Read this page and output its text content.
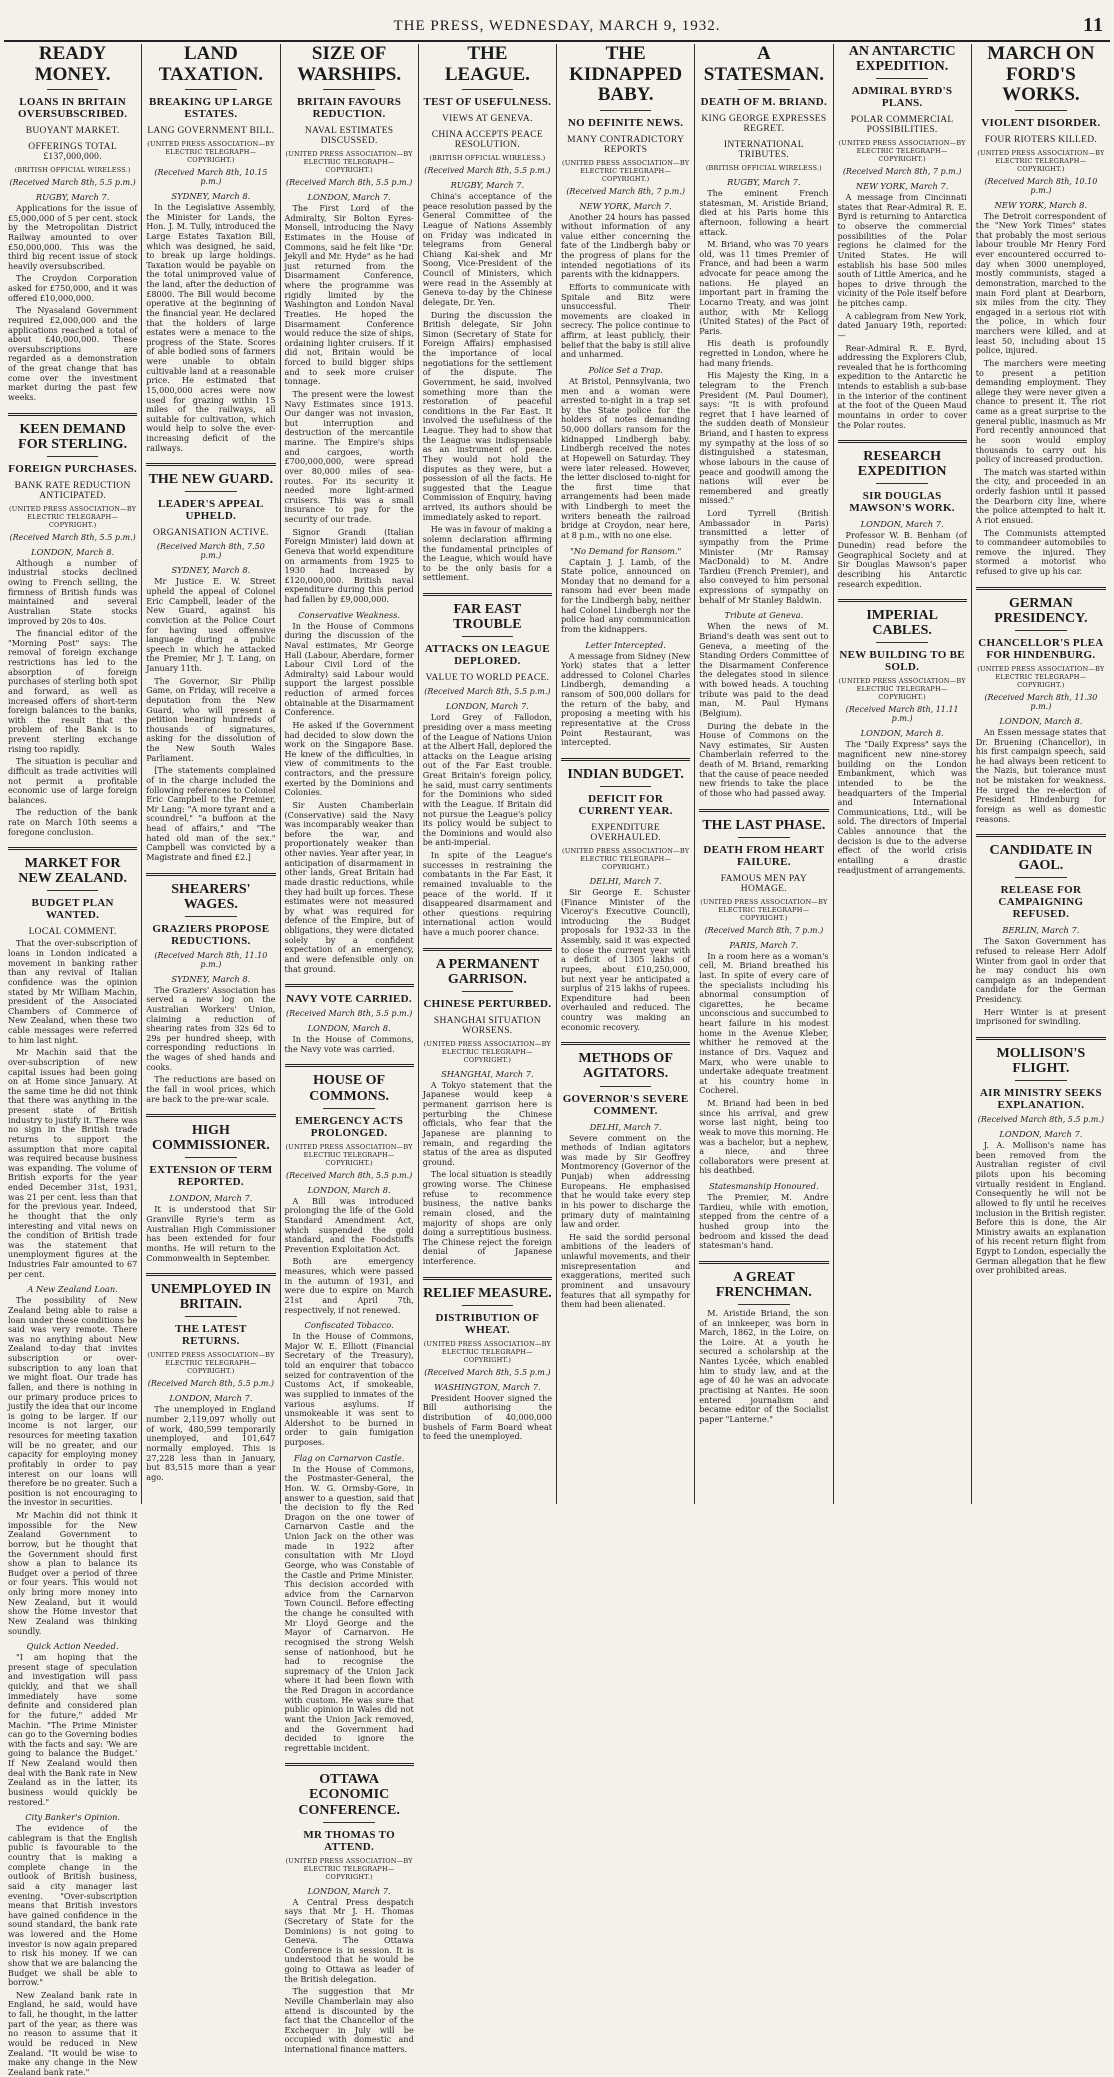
THE PRESS, WEDNESDAY, MARCH 9, 1932.	11
READY MONEY.
LOANS IN BRITAIN OVERSUBSCRIBED.
BUOYANT MARKET.
OFFERINGS TOTAL £137,000,000.
(BRITISH OFFICIAL WIRELESS.)
(Received March 8th, 5.5 p.m.)
RUGBY, March 7.

Applications for the issue of £5,000,000 of 5 per cent. stock by the Metropolitan District Railway amounted to over £50,000,000. This was the third big recent issue of stock heavily oversubscribed.

The Croydon Corporation asked for £750,000, and it was offered £10,000,000.

The Nyasaland Government required £2,000,000 and the applications reached a total of about £40,000,000. These oversubscriptions are regarded as a demonstration of the great change that has come over the investment market during the past few weeks.

KEEN DEMAND FOR STERLING.
FOREIGN PURCHASES.
BANK RATE REDUCTION ANTICIPATED.
(UNITED PRESS ASSOCIATION—BY ELECTRIC TELEGRAPH—COPYRIGHT.)
(Received March 8th, 5.5 p.m.)
LONDON, March 8.

Although a number of industrial stocks declined owing to French selling, the firmness of British funds was maintained and several Australian State stocks improved by 20s to 40s.

The financial editor of the "Morning Post" says: The removal of foreign exchange restrictions has led to the absorption of foreign purchases of sterling both spot and forward, as well as increased offers of short-term foreign balances to the banks, with the result that the problem of the Bank is to prevent sterling exchange rising too rapidly.

The situation is peculiar and difficult as trade activities will not permit a profitable economic use of large foreign balances.

The reduction of the bank rate on March 10th seems a foregone conclusion.

MARKET FOR NEW ZEALAND.
BUDGET PLAN WANTED.
LOCAL COMMENT.

That the over-subscription of loans in London indicated a movement in banking rather than any revival of Italian confidence was the opinion stated by Mr William Machin, president of the Associated Chambers of Commerce of New Zealand, when these two cable messages were referred to him last night.

Mr Machin said that the over-subscription of new capital issues had been going on at Home since January. At the same time he did not think that there was anything in the present state of British industry to justify it. There was no sign in the British trade returns to support the assumption that more capital was required because business was expanding. The volume of British exports for the year ended December 31st, 1931, was 21 per cent. less than that for the previous year. Indeed, he thought that the only interesting and vital news on the condition of British trade was the statement that unemployment figures at the Industries Fair amounted to 67 per cent.

A New Zealand Loan.

The possibility of New Zealand being able to raise a loan under these conditions he said was very remote. There was no anything about New Zealand to-day that invites subscription or over-subscription to any loan that we might float. Our trade has fallen, and there is nothing in our primary produce prices to justify the idea that our income is going to be larger. If our income is not larger, our resources for meeting taxation will be no greater, and our capacity for employing money profitably in order to pay interest on our loans will therefore be no greater. Such a position is not encouraging to the investor in securities.

Mr Machin did not think it impossible for the New Zealand Government to borrow, but he thought that the Government should first show a plan to balance its Budget over a period of three or four years. This would not only bring more money into New Zealand, but it would show the Home investor that New Zealand was thinking soundly.

Quick Action Needed.

"I am hoping that the present stage of speculation and investigation will pass quickly, and that we shall immediately have some definite and considered plan for the future," added Mr Machin. "The Prime Minister can go to the Governing bodies with the facts and say: 'We are going to balance the Budget.' If New Zealand would then deal with the Bank rate in New Zealand as in the latter, its business would quickly be restored."

City Banker's Opinion.

The evidence of the cablegram is that the English public is favourable to the country that is making a complete change in the outlook of British business, said a city manager last evening. "Over-subscription means that British investors have gained confidence in the sound standard, the bank rate was lowered and the Home investor is now again prepared to risk his money. If we can show that we are balancing the Budget we shall be able to borrow."

New Zealand bank rate in England, he said, would have to fall, he thought, in the latter part of the year, as there was no reason to assume that it would be reduced in New Zealand. "It would be wise to make any change in the New Zealand bank rate."

LAND TAXATION.
BREAKING UP LARGE ESTATES.
LANG GOVERNMENT BILL.
(UNITED PRESS ASSOCIATION—BY ELECTRIC TELEGRAPH—COPYRIGHT.)
(Received March 8th, 10.15 p.m.)
SYDNEY, March 8.

In the Legislative Assembly, the Minister for Lands, the Hon. J. M. Tully, introduced the Large Estates Taxation Bill, which was designed, he said, to break up large holdings. Taxation would be payable on the total unimproved value of the land, after the deduction of £8000. The Bill would become operative at the beginning of the financial year. He declared that the holders of large estates were a menace to the progress of the State. Scores of able bodied sons of farmers were unable to obtain cultivable land at a reasonable price. He estimated that 15,000,000 acres were now used for grazing within 15 miles of the railways, all suitable for cultivation, which would help to solve the ever-increasing deficit of the railways.

THE NEW GUARD.
LEADER'S APPEAL UPHELD.
ORGANISATION ACTIVE.
(Received March 8th, 7.50 p.m.)
SYDNEY, March 8.

Mr Justice E. W. Street upheld the appeal of Colonel Eric Campbell, leader of the New Guard, against his conviction at the Police Court for having used offensive language during a public speech in which he attacked the Premier, Mr J. T. Lang, on January 11th.

The Governor, Sir Philip Game, on Friday, will receive a deputation from the New Guard, who will present a petition bearing hundreds of thousands of signatures, asking for the dissolution of the New South Wales Parliament.

[The statements complained of in the charge included the following references to Colonel Eric Campbell to the Premier, Mr Lang: "A more tyrant and a scoundrel," "a buffoon at the head of affairs," and "The hated old man of the sex." Campbell was convicted by a Magistrate and fined £2.]

SHEARERS' WAGES.
GRAZIERS PROPOSE REDUCTIONS.
(Received March 8th, 11.10 p.m.)
SYDNEY, March 8.

The Graziers' Association has served a new log on the Australian Workers' Union, claiming a reduction of shearing rates from 32s 6d to 29s per hundred sheep, with corresponding reductions in the wages of shed hands and cooks.

The reductions are based on the fall in wool prices, which are back to the pre-war scale.

HIGH COMMISSIONER.
EXTENSION OF TERM REPORTED.
LONDON, March 7.

It is understood that Sir Granville Ryrie's term as Australian High Commissioner has been extended for four months. He will return to the Commonwealth in September.

UNEMPLOYED IN BRITAIN.
THE LATEST RETURNS.
(UNITED PRESS ASSOCIATION—BY ELECTRIC TELEGRAPH—COPYRIGHT.)
(Received March 8th, 5.5 p.m.)
LONDON, March 7.

The unemployed in England number 2,119,097 wholly out of work, 480,599 temporarily unemployed, and 101,647 normally employed. This is 27,228 less than in January, but 83,515 more than a year ago.

SIZE OF WARSHIPS.
BRITAIN FAVOURS REDUCTION.
NAVAL ESTIMATES DISCUSSED.
(UNITED PRESS ASSOCIATION—BY ELECTRIC TELEGRAPH—COPYRIGHT.)
(Received March 8th, 5.5 p.m.)
LONDON, March 7.

The First Lord of the Admiralty, Sir Bolton Eyres-Monsell, introducing the Navy Estimates in the House of Commons, said he felt like "Dr. Jekyll and Mr. Hyde" as he had just returned from the Disarmament Conference, where the programme was rigidly limited by the Washington and London Naval Treaties. He hoped the Disarmament Conference would reduce the size of ships, ordaining lighter cruisers. If it did not, Britain would be forced to build bigger ships and to seek more cruiser tonnage.

The present were the lowest Navy Estimates since 1913. Our danger was not invasion, but interruption and destruction of the mercantile marine. The Empire's ships and cargoes, worth £700,000,000, were spread over 80,000 miles of sea-routes. For its security it needed more light-armed cruisers. This was a small insurance to pay for the security of our trade.

Signor Grandi (Italian Foreign Minister) laid down at Geneva that world expenditure on armaments from 1925 to 1930 had increased by £120,000,000. British naval expenditure during this period had fallen by £9,000,000.

Conservative Weakness.

In the House of Commons during the discussion of the Naval estimates, Mr George Hall (Labour, Aberdare, former Labour Civil Lord of the Admiralty) said Labour would support the largest possible reduction of armed forces obtainable at the Disarmament Conference.

He asked if the Government had decided to slow down the work on the Singapore Base. He knew of the difficulties, in view of commitments to the contractors, and the pressure exerted by the Dominions and Colonies.

Sir Austen Chamberlain (Conservative) said the Navy was incomparably weaker than before the war, and proportionately weaker than other navies. Year after year, in anticipation of disarmament in other lands, Great Britain had made drastic reductions, while they had built up forces. These estimates were not measured by what was required for defence of the Empire, but of obligations, they were dictated solely by a confident expectation of an emergency, and were defensible only on that ground.

NAVY VOTE CARRIED.
(Received March 8th, 5.5 p.m.)
LONDON, March 8.

In the House of Commons, the Navy vote was carried.

HOUSE OF COMMONS.
EMERGENCY ACTS PROLONGED.
(UNITED PRESS ASSOCIATION—BY ELECTRIC TELEGRAPH—COPYRIGHT.)
(Received March 8th, 5.5 p.m.)
LONDON, March 8.

A Bill was introduced prolonging the life of the Gold Standard Amendment Act, which suspended the gold standard, and the Foodstuffs Prevention Exploitation Act.

Both are emergency measures, which were passed in the autumn of 1931, and were due to expire on March 21st and April 7th, respectively, if not renewed.

Confiscated Tobacco.

In the House of Commons, Major W. E. Elliott (Financial Secretary of the Treasury), told an enquirer that tobacco seized for contravention of the Customs Act, if smokeable, was supplied to inmates of the various asylums. If unsmokeable it was sent to Aldershot to be burned in order to gain fumigation purposes.

Flag on Carnarvon Castle.

In the House of Commons, the Postmaster-General, the Hon. W. G. Ormsby-Gore, in answer to a question, said that the decision to fly the Red Dragon on the one tower of Carnarvon Castle and the Union Jack on the other was made in 1922 after consultation with Mr Lloyd George, who was Constable of the Castle and Prime Minister. This decision accorded with advice from the Carnarvon Town Council. Before effecting the change he consulted with Mr Lloyd George and the Mayor of Carnarvon. He recognised the strong Welsh sense of nationhood, but he had to recognise the supremacy of the Union Jack where it had been flown with the Red Dragon in accordance with custom. He was sure that public opinion in Wales did not want the Union Jack removed, and the Government had decided to ignore the regrettable incident.

OTTAWA ECONOMIC CONFERENCE.
MR THOMAS TO ATTEND.
(UNITED PRESS ASSOCIATION—BY ELECTRIC TELEGRAPH—COPYRIGHT.)
LONDON, March 7.

A Central Press despatch says that Mr J. H. Thomas (Secretary of State for the Dominions) is not going to Geneva. The Ottawa Conference is in session. It is understood that he would be going to Ottawa as leader of the British delegation.

The suggestion that Mr Neville Chamberlain may also attend is discounted by the fact that the Chancellor of the Exchequer in July will be occupied with domestic and international finance matters.

THE LEAGUE.
TEST OF USEFULNESS.
VIEWS AT GENEVA.
CHINA ACCEPTS PEACE RESOLUTION.
(BRITISH OFFICIAL WIRELESS.)
(Received March 8th, 5.5 p.m.)
RUGBY, March 7.

China's acceptance of the peace resolution passed by the General Committee of the League of Nations Assembly on Friday was indicated in telegrams from General Chiang Kai-shek and Mr Soong, Vice-President of the Council of Ministers, which were read in the Assembly at Geneva to-day by the Chinese delegate, Dr. Yen.

During the discussion the British delegate, Sir John Simon (Secretary of State for Foreign Affairs) emphasised the importance of local negotiations for the settlement of the dispute. The Government, he said, involved something more than the restoration of peaceful conditions in the Far East. It involved the usefulness of the League. They had to show that the League was indispensable as an instrument of peace. They would not hold the disputes as they were, but a possession of all the facts. He suggested that the League Commission of Enquiry, having arrived, its authors should be immediately asked to report.

He was in favour of making a solemn declaration affirming the fundamental principles of the League, which would have to be the only basis for a settlement.

FAR EAST TROUBLE
ATTACKS ON LEAGUE DEPLORED.
VALUE TO WORLD PEACE.
(Received March 8th, 5.5 p.m.)
LONDON, March 7.

Lord Grey of Fallodon, presiding over a mass meeting of the League of Nations Union at the Albert Hall, deplored the attacks on the League arising out of the Far East trouble. Great Britain's foreign policy, he said, must carry sentiments for the Dominions who sided with the League. If Britain did not pursue the League's policy its policy would be subject to the Dominions and would also be anti-imperial.

In spite of the League's successes in restraining the combatants in the Far East, it remained invaluable to the peace of the world. If it disappeared disarmament and other questions requiring international action would have a much poorer chance.

A PERMANENT GARRISON.
CHINESE PERTURBED.
SHANGHAI SITUATION WORSENS.
(UNITED PRESS ASSOCIATION—BY ELECTRIC TELEGRAPH—COPYRIGHT.)
SHANGHAI, March 7.

A Tokyo statement that the Japanese would keep a permanent garrison here is perturbing the Chinese officials, who fear that the Japanese are planning to remain, and regarding the status of the area as disputed ground.

The local situation is steadily growing worse. The Chinese refuse to recommence business, the native banks remain closed, and the majority of shops are only doing a surreptitious business. The Chinese reject the foreign denial of Japanese interference.

RELIEF MEASURE.
DISTRIBUTION OF WHEAT.
(UNITED PRESS ASSOCIATION—BY ELECTRIC TELEGRAPH—COPYRIGHT.)
(Received March 8th, 5.5 p.m.)
WASHINGTON, March 7.

President Hoover signed the Bill authorising the distribution of 40,000,000 bushels of Farm Board wheat to feed the unemployed.

THE KIDNAPPED BABY.
NO DEFINITE NEWS.
MANY CONTRADICTORY REPORTS
(UNITED PRESS ASSOCIATION—BY ELECTRIC TELEGRAPH—COPYRIGHT.)
(Received March 8th, 7 p.m.)
NEW YORK, March 7.

Another 24 hours has passed without information of any value either concerning the fate of the Lindbergh baby or the progress of plans for the intended negotiations of its parents with the kidnappers.

Efforts to communicate with Spitale and Bitz were unsuccessful. Their movements are cloaked in secrecy. The police continue to affirm, at least publicly, their belief that the baby is still alive and unharmed.

Police Set a Trap.

At Bristol, Pennsylvania, two men and a woman were arrested to-night in a trap set by the State police for the holders of notes demanding 50,000 dollars ransom for the kidnapped Lindbergh baby. Lindbergh received the notes at Hopewell on Saturday. They were later released. However, the letter disclosed to-night for the first time that arrangements had been made with Lindbergh to meet the writers beneath the railroad bridge at Croydon, near here, at 8 p.m., with no one else.

"No Demand for Ransom."

Captain J. J. Lamb, of the State police, announced on Monday that no demand for a ransom had ever been made for the Lindbergh baby, neither had Colonel Lindbergh nor the police had any communication from the kidnappers.

Letter Intercepted.

A message from Sidney (New York) states that a letter addressed to Colonel Charles Lindbergh, demanding a ransom of 500,000 dollars for the return of the baby, and proposing a meeting with his representative at the Cross Point Restaurant, was intercepted.

INDIAN BUDGET.
DEFICIT FOR CURRENT YEAR.
EXPENDITURE OVERHAULED.
(UNITED PRESS ASSOCIATION—BY ELECTRIC TELEGRAPH—COPYRIGHT.)
DELHI, March 7.

Sir George E. Schuster (Finance Minister of the Viceroy's Executive Council), introducing the Budget proposals for 1932-33 in the Assembly, said it was expected to close the current year with a deficit of 1305 lakhs of rupees, about £10,250,000, but next year he anticipated a surplus of 215 lakhs of rupees. Expenditure had been overhauled and reduced. The country was making an economic recovery.

METHODS OF AGITATORS.
GOVERNOR'S SEVERE COMMENT.
DELHI, March 7.

Severe comment on the methods of Indian agitators was made by Sir Geoffrey Montmorency (Governor of the Punjab) when addressing Europeans. He emphasised that he would take every step in his power to discharge the primary duty of maintaining law and order.

He said the sordid personal ambitions of the leaders of unlawful movements, and their misrepresentation and exaggerations, merited such prominent and unsavoury features that all sympathy for them had been alienated.

A STATESMAN.
DEATH OF M. BRIAND.
KING GEORGE EXPRESSES REGRET.
INTERNATIONAL TRIBUTES.
(BRITISH OFFICIAL WIRELESS.)
RUGBY, March 7.

The eminent French statesman, M. Aristide Briand, died at his Paris home this afternoon, following a heart attack.

M. Briand, who was 70 years old, was 11 times Premier of France, and had been a warm advocate for peace among the nations. He played an important part in framing the Locarno Treaty, and was joint author, with Mr Kellogg (United States) of the Pact of Paris.

His death is profoundly regretted in London, where he had many friends.

His Majesty the King, in a telegram to the French President (M. Paul Doumer), says: "It is with profound regret that I have learned of the sudden death of Monsieur Briand, and I hasten to express my sympathy at the loss of so distinguished a statesman, whose labours in the cause of peace and goodwill among the nations will ever be remembered and greatly missed."

Lord Tyrrell (British Ambassador in Paris) transmitted a letter of sympathy from the Prime Minister (Mr Ramsay MacDonald) to M. Andre Tardieu (French Premier), and also conveyed to him personal expressions of sympathy on behalf of Mr Stanley Baldwin.

Tribute at Geneva.

When the news of M. Briand's death was sent out to Geneva, a meeting of the Standing Orders Committee of the Disarmament Conference the delegates stood in silence with bowed heads. A touching tribute was paid to the dead man, M. Paul Hymans (Belgium).

During the debate in the House of Commons on the Navy estimates, Sir Austen Chamberlain referred to the death of M. Briand, remarking that the cause of peace needed new friends to take the place of those who had passed away.

THE LAST PHASE.
DEATH FROM HEART FAILURE.
FAMOUS MEN PAY HOMAGE.
(UNITED PRESS ASSOCIATION—BY ELECTRIC TELEGRAPH—COPYRIGHT.)
(Received March 8th, 7 p.m.)
PARIS, March 7.

In a room here as a woman's cell, M. Briand breathed his last. In spite of every care of the specialists including his abnormal consumption of cigarettes, he became unconscious and succumbed to heart failure in his modest home in the Avenue Kleber, whither he removed at the instance of Drs. Vaquez and Marx, who were unable to undertake adequate treatment at his country home in Cocherel.

M. Briand had been in bed since his arrival, and grew worse last night, being too weak to move this morning. He was a bachelor, but a nephew, a niece, and three collaborators were present at his deathbed.

Statesmanship Honoured.

The Premier, M. Andre Tardieu, while with emotion, stepped from the centre of a hushed group into the bedroom and kissed the dead statesman's hand.

A GREAT FRENCHMAN.

M. Aristide Briand, the son of an innkeeper, was born in March, 1862, in the Loire, on the Loire. At a youth he secured a scholarship at the Nantes Lycée, which enabled him to study law, and at the age of 40 he was an advocate practising at Nantes. He soon entered journalism and became editor of the Socialist paper "Lanterne."

AN ANTARCTIC EXPEDITION.
ADMIRAL BYRD'S PLANS.
POLAR COMMERCIAL POSSIBILITIES.
(UNITED PRESS ASSOCIATION—BY ELECTRIC TELEGRAPH—COPYRIGHT.)
(Received March 8th, 7 p.m.)
NEW YORK, March 7.

A message from Cincinnati states that Rear-Admiral R. E. Byrd is returning to Antarctica to observe the commercial possibilities of the Polar regions he claimed for the United States. He will establish his base 500 miles south of Little America, and he hopes to drive through the vicinity of the Pole itself before he pitches camp.

A cablegram from New York, dated January 19th, reported:—

Rear-Admiral R. E. Byrd, addressing the Explorers Club, revealed that he is forthcoming expedition to the Antarctic he intends to establish a sub-base in the interior of the continent at the foot of the Queen Maud mountains in order to cover the Polar routes.

RESEARCH EXPEDITION
SIR DOUGLAS MAWSON'S WORK.
LONDON, March 7.

Professor W. B. Benham (of Dunedin) read before the Geographical Society and at Sir Douglas Mawson's paper describing his Antarctic research expedition.

IMPERIAL CABLES.
NEW BUILDING TO BE SOLD.
(UNITED PRESS ASSOCIATION—BY ELECTRIC TELEGRAPH—COPYRIGHT.)
(Received March 8th, 11.11 p.m.)
LONDON, March 8.

The "Daily Express" says the magnificent new nine-storey building on the London Embankment, which was intended to be the headquarters of the Imperial and International Communications, Ltd., will be sold. The directors of Imperial Cables announce that the decision is due to the adverse effect of the world crisis entailing a drastic readjustment of arrangements.

MARCH ON FORD'S WORKS.
VIOLENT DISORDER.
FOUR RIOTERS KILLED.
(UNITED PRESS ASSOCIATION—BY ELECTRIC TELEGRAPH—COPYRIGHT.)
(Received March 8th, 10.10 p.m.)
NEW YORK, March 8.

The Detroit correspondent of the "New York Times" states that probably the most serious labour trouble Mr Henry Ford ever encountered occurred to-day when 3000 unemployed, mostly communists, staged a demonstration, marched to the main Ford plant at Dearborn, six miles from the city. They engaged in a serious riot with the police, in which four marchers were killed, and at least 50, including about 15 police, injured.

The marchers were meeting to present a petition demanding employment. They allege they were never given a chance to present it. The riot came as a great surprise to the general public, inasmuch as Mr Ford recently announced that he soon would employ thousands to carry out his policy of increased production.

The match was started within the city, and proceeded in an orderly fashion until it passed the Dearborn city line, where the police attempted to halt it. A riot ensued.

The Communists attempted to commandeer automobiles to remove the injured. They stormed a motorist who refused to give up his car.

GERMAN PRESIDENCY.
CHANCELLOR'S PLEA FOR HINDENBURG.
(UNITED PRESS ASSOCIATION—BY ELECTRIC TELEGRAPH—COPYRIGHT.)
(Received March 8th, 11.30 p.m.)
LONDON, March 8.

An Essen message states that Dr. Bruening (Chancellor), in his first campaign speech, said he had always been reticent to the Nazis, but tolerance must not be mistaken for weakness. He urged the re-election of President Hindenburg for foreign as well as domestic reasons.

CANDIDATE IN GAOL.
RELEASE FOR CAMPAIGNING REFUSED.
BERLIN, March 7.

The Saxon Government has refused to release Herr Adolf Winter from gaol in order that he may conduct his own campaign as an independent candidate for the German Presidency.

Herr Winter is at present imprisoned for swindling.

MOLLISON'S FLIGHT.
AIR MINISTRY SEEKS EXPLANATION.
(Received March 8th, 5.5 p.m.)
LONDON, March 7.

J. A. Mollison's name has been removed from the Australian register of civil pilots upon his becoming virtually resident in England. Consequently he will not be allowed to fly until he receives inclusion in the British register. Before this is done, the Air Ministry awaits an explanation of his recent return flight from Egypt to London, especially the German allegation that he flew over prohibited areas.
